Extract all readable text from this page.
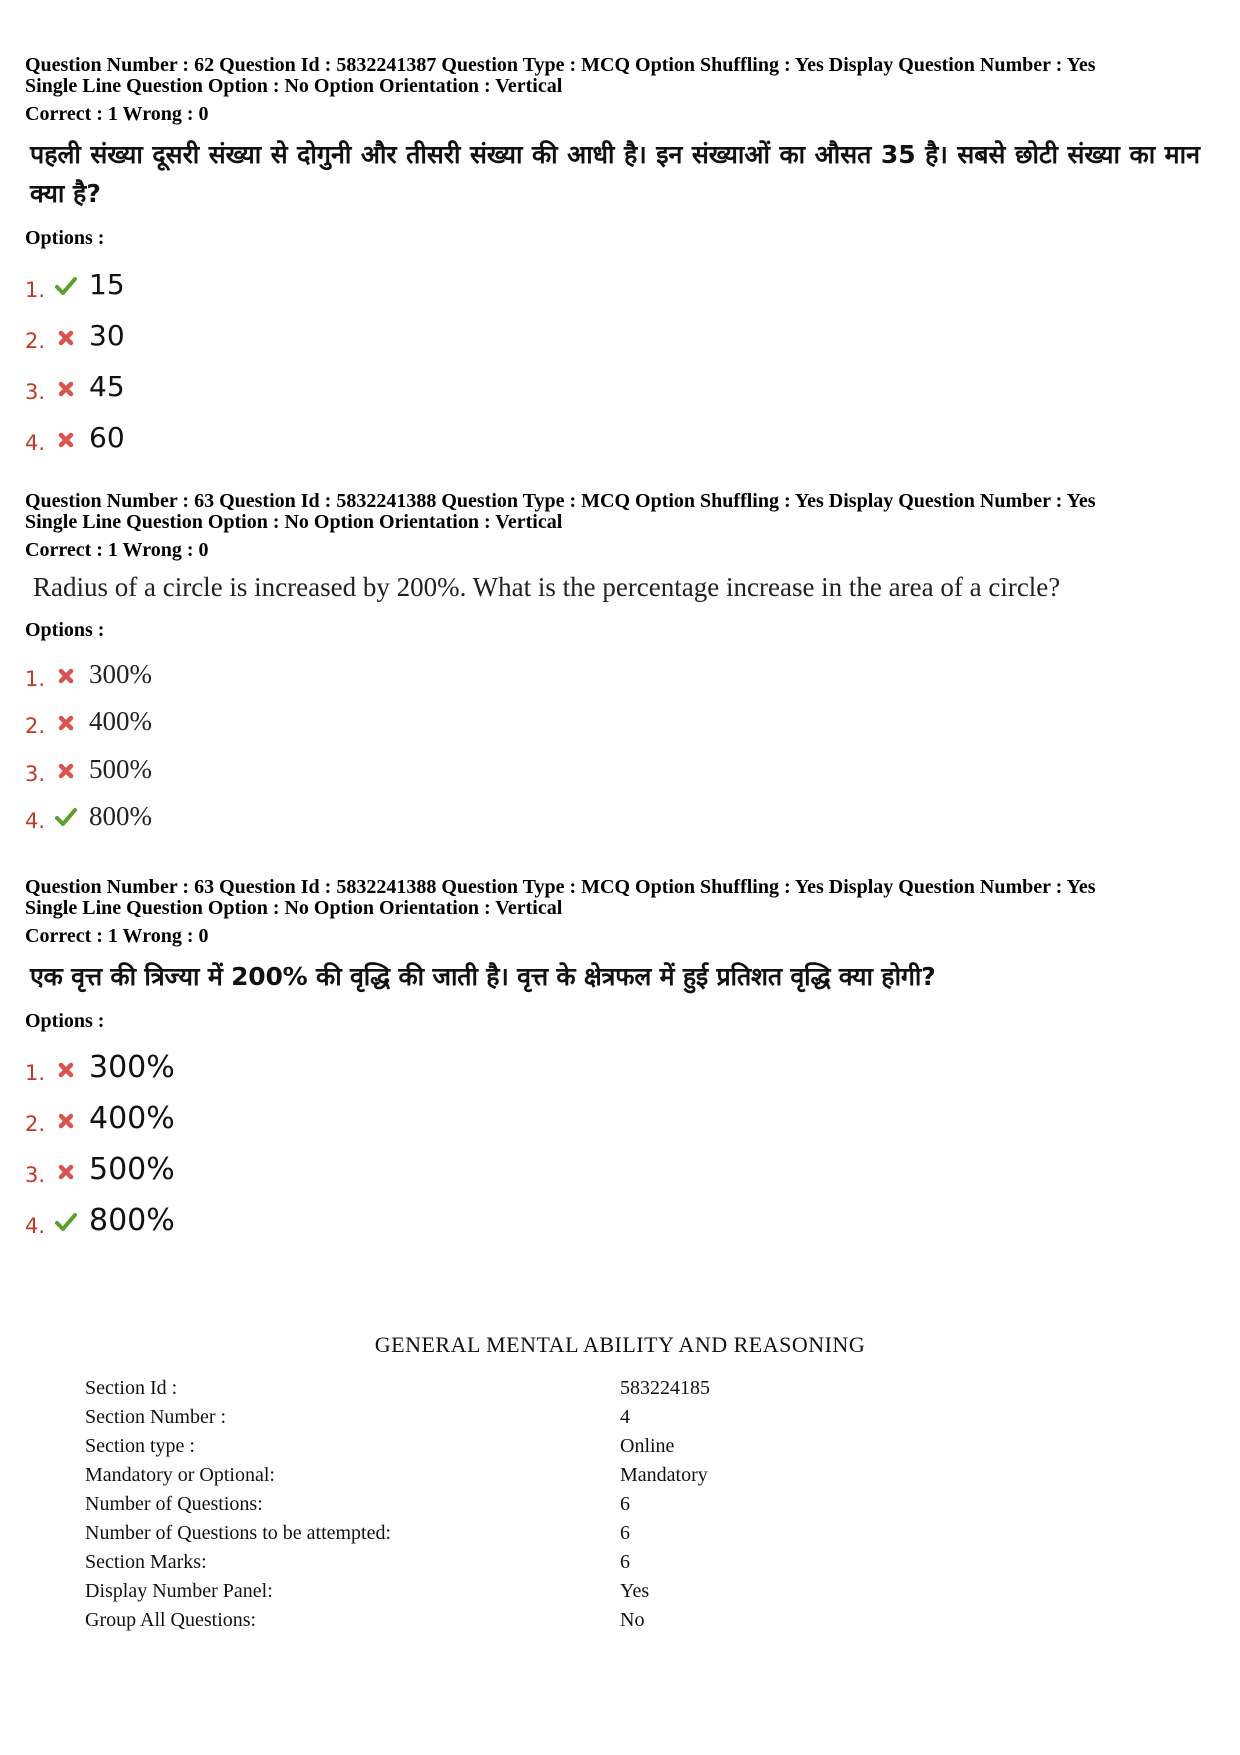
Question Number : 62 Question Id : 5832241387 Question Type : MCQ Option Shuffling : Yes Display Question Number : Yes

Single Line Question Option : No Option Orientation : Vertical

Correct : 1 Wrong : 0
पहली संख्या दूसरी संख्या से दोगुनी और तीसरी संख्या की आधी है। इन संख्याओं का औसत 35 है। सबसे छोटी संख्या का मान क्या है?
Options :
1. 15
2. 30
3. 45
4. 60

Question Number : 63 Question Id : 5832241388 Question Type : MCQ Option Shuffling : Yes Display Question Number : Yes

Single Line Question Option : No Option Orientation : Vertical

Correct : 1 Wrong : 0
Radius of a circle is increased by 200%. What is the percentage increase in the area of a circle?
Options :
1. 300%
2. 400%
3. 500%
4. 800%

Question Number : 63 Question Id : 5832241388 Question Type : MCQ Option Shuffling : Yes Display Question Number : Yes

Single Line Question Option : No Option Orientation : Vertical

Correct : 1 Wrong : 0
एक वृत्त की त्रिज्या में 200% की वृद्धि की जाती है। वृत्त के क्षेत्रफल में हुई प्रतिशत वृद्धि क्या होगी?
Options :
1. 300%
2. 400%
3. 500%
4. 800%
GENERAL MENTAL ABILITY AND REASONING
Section Id :	583224185
Section Number :	4
Section type :	Online
Mandatory or Optional:	Mandatory
Number of Questions:	6
Number of Questions to be attempted:	6
Section Marks:	6
Display Number Panel:	Yes
Group All Questions:	No
